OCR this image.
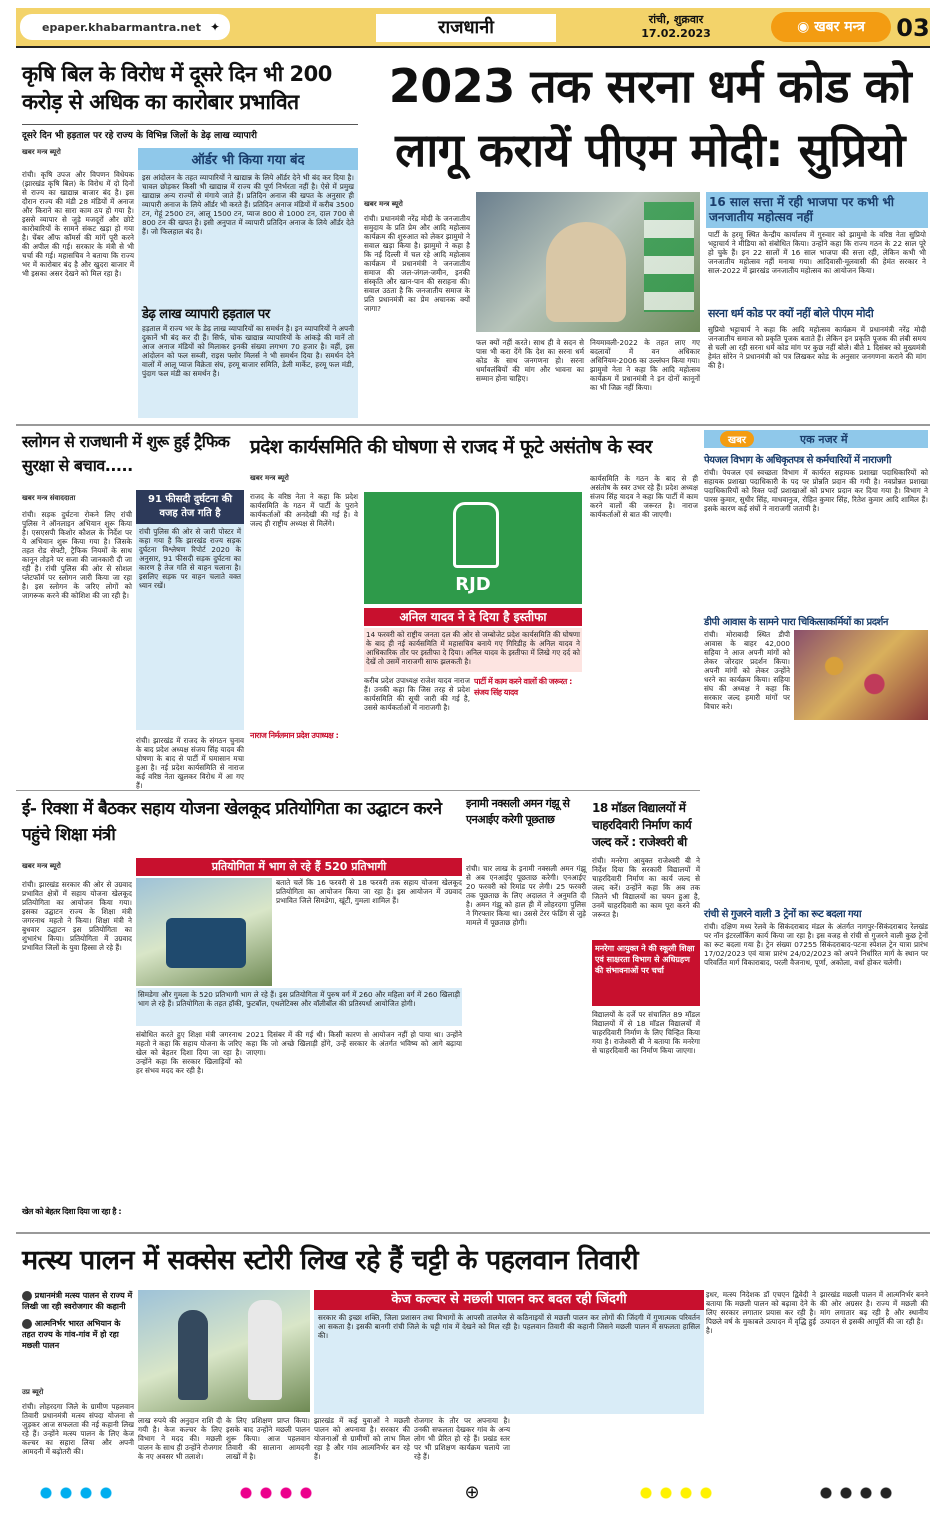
epaper.khabarmantra.net ✦	राजधानी	रांची, शुक्रवार
17.02.2023	◉ खबर मन्त्र	03
कृषि बिल के विरोध में दूसरे दिन भी 200 करोड़ से अधिक का कारोबार प्रभावित
दूसरे दिन भी हड़ताल पर रहे राज्य के विभिन्न जिलों के डेढ़ लाख व्यापारी
खबर मन्त्र ब्यूरो
रांची। कृषि उपज और विपणन विधेयक (झारखंड कृषि बिल) के विरोध में दो दिनों से राज्य का खाद्यान्न बाजार बंद है। इस दौरान राज्य की मंडी 28 मंडियों में अनाज और किराने का सारा काम ठप हो गया है। इससे व्यापार से जुड़े मजदूरों और छोटे कारोबारियों के सामने संकट खड़ा हो गया है। चेंबर ऑफ कॉमर्स की मांगें पूरी करने की अपील की गई। सरकार के मंत्री से भी चर्चा की गई। महासचिव ने बताया कि राज्य भर में कारोबार बंद है और खुदरा बाजार में भी इसका असर देखने को मिल रहा है।
ऑर्डर भी किया गया बंद
इस आंदोलन के तहत व्यापारियों ने खाद्यान्न के लिये ऑर्डर देने भी बंद कर दिया है। चावल छोड़कर किसी भी खाद्यान्न में राज्य की पूर्ण निर्भरता नहीं है। ऐसे में प्रमुख खाद्यान्न अन्य राज्यों से मंगाये जाते हैं। प्रतिदिन अनाज की खपत के अनुसार ही व्यापारी अनाज के लिये ऑर्डर भी करते हैं। प्रतिदिन अनाज मंडियों में करीब 3500 टन, गेहूं 2500 टन, आलू 1500 टन, प्याज 800 से 1000 टन, दाल 700 से 800 टन की खपत है। इसी अनुपात में व्यापारी प्रतिदिन अनाज के लिये ऑर्डर देते हैं। जो फिलहाल बंद है।
डेढ़ लाख व्यापारी हड़ताल पर
हड़ताल में राज्य भर के डेढ़ लाख व्यापारियों का समर्थन है। इन व्यापारियों ने अपनी दुकानें भी बंद कर दी हैं। सिर्फ, चोक खाद्यान्न व्यापारियों के आंकड़े की मानें तो आज अनाज मंडियों को मिलाकर इनकी संख्या लगभग 70 हजार है। वहीं, इस आंदोलन को फल सब्जी, राइस फ्लोर मिलर्स ने भी समर्थन दिया है। समर्थन देने वालों में आलू प्याज विक्रेता संघ, हरमू बाजार समिति, डेली मार्केट, हरमू फल मंडी, पुंदाग फल मंडी का समर्थन है।
2023 तक सरना धर्म कोड को लागू करायें पीएम मोदी: सुप्रियो
खबर मन्त्र ब्यूरो
रांची। प्रधानमंत्री नरेंद्र मोदी के जनजातीय समुदाय के प्रति प्रेम और आदि महोत्सव कार्यक्रम की शुरुआत को लेकर झामुमो ने सवाल खड़ा किया है। झामुमो ने कहा है कि नई दिल्ली में चल रहे आदि महोत्सव कार्यक्रम में प्रधानमंत्री ने जनजातीय समाज की जल-जंगल-जमीन, इनकी संस्कृति और खान-पान की सराहना की। सवाल उठता है कि जनजातीय समाज के प्रति प्रधानमंत्री का प्रेम अचानक क्यों जागा?
फल क्यों नहीं करते। साथ ही वे सदन से पास भी करा देंगे कि देश का सरना धर्म कोड के साथ जनगणना हो। सरना धर्मावलंबियों की मांग और भावना का सम्मान होना चाहिए।
नियमावली-2022 के तहत लाए गए बदलावों में वन अधिकार अधिनियम-2006 का उल्लंघन किया गया। झामुमो नेता ने कहा कि आदि महोत्सव कार्यक्रम में प्रधानमंत्री ने इन दोनों कानूनों का भी जिक्र नहीं किया।
16 साल सत्ता में रही भाजपा पर कभी भी जनजातीय महोत्सव नहीं
पार्टी के हरमू स्थित केन्द्रीय कार्यालय में गुरुवार को झामुमो के वरिष्ठ नेता सुप्रियो भट्टाचार्य ने मीडिया को संबोधित किया। उन्होंने कहा कि राज्य गठन के 22 साल पूरे हो चुके हैं। इन 22 सालों में 16 साल भाजपा की सत्ता रही, लेकिन कभी भी जनजातीय महोत्सव नहीं मनाया गया। आदिवासी-मूलवासी की हेमंत सरकार ने साल-2022 में झारखंड जनजातीय महोत्सव का आयोजन किया।
सरना धर्म कोड पर क्यों नहीं बोले पीएम मोदी
सुप्रियो भट्टाचार्य ने कहा कि आदि महोत्सव कार्यक्रम में प्रधानमंत्री नरेंद्र मोदी जनजातीय समाज को प्रकृति पूजक बताते हैं। लेकिन इन प्रकृति पूजक की लंबी समय से चली आ रही सरना धर्म कोड मांग पर कुछ नहीं बोले। बीते 1 दिसंबर को मुख्यमंत्री हेमंत सोरेन ने प्रधानमंत्री को पत्र लिखकर कोड के अनुसार जनगणना कराने की मांग की है।
स्लोगन से राजधानी में शुरू हुई ट्रैफिक सुरक्षा से बचाव.....
खबर मन्त्र संवाददाता
रांची। सड़क दुर्घटना रोकने लिए रांची पुलिस ने ऑनलाइन अभियान शुरू किया है। एसएसपी किशोर कौशल के निर्देश पर ये अभियान शुरू किया गया है। जिसके तहत रोड सेफ्टी, ट्रैफिक नियमों के साथ कानून तोड़ने पर सजा की जानकारी दी जा रही है। रांची पुलिस की ओर से सोशल प्लेटफॉर्म पर स्लोगन जारी किया जा रहा है। इस स्लोगन के जरिए लोगों को जागरूक करने की कोशिश की जा रही है।
91 फीसदी दुर्घटना की वजह तेज गति है
रांची पुलिस की ओर से जारी पोस्टर में कहा गया है कि झारखंड राज्य सड़क दुर्घटना विश्लेषण रिपोर्ट 2020 के अनुसार, 91 फीसदी सड़क दुर्घटना का कारण है तेज गति से वाहन चलाना है। इसलिए सड़क पर वाहन चलाते वक्त ध्यान रखें।
रांची। झारखंड में राजद के संगठन चुनाव के बाद प्रदेश अध्यक्ष संजय सिंह यादव की घोषणा के बाद से पार्टी में घमासान मचा हुआ है। नई प्रदेश कार्यसमिति से नाराज कई वरिष्ठ नेता खुलकर विरोध में आ गए हैं।
प्रदेश कार्यसमिति की घोषणा से राजद में फूटे असंतोष के स्वर
खबर मन्त्र ब्यूरो
राजद के वरिष्ठ नेता ने कहा कि प्रदेश कार्यसमिति के गठन में पार्टी के पुराने कार्यकर्ताओं की अनदेखी की गई है। वे जल्द ही राष्ट्रीय अध्यक्ष से मिलेंगे।
नाराज निर्मलमान प्रदेश उपाध्यक्ष :
RJD
अनिल यादव ने दे दिया है इस्तीफा
14 फरवरी को राष्ट्रीय जनता दल की ओर से जम्बोजेट प्रदेश कार्यसमिति की घोषणा के बाद ही नई कार्यसमिति में महासचिव बनाये गए गिरिडीह के अनिल यादव ने आधिकारिक तौर पर इस्तीफा दे दिया। अनिल यादव के इस्तीफा में लिखे गए दर्द को देखें तो उसमें नाराजगी साफ झलकती है।
करीब प्रदेश उपाध्यक्ष राजेश यादव नाराज हैं। उनकी कहा कि जिस तरह से प्रदेश कार्यसमिति की सूची जारी की गई है, उससे कार्यकर्ताओं में नाराजगी है।
पार्टी में काम करने वालों की जरूरत : संजय सिंह यादव
कार्यसमिति के गठन के बाद से ही असंतोष के स्वर उभर रहे हैं। प्रदेश अध्यक्ष संजय सिंह यादव ने कहा कि पार्टी में काम करने वालों की जरूरत है। नाराज कार्यकर्ताओं से बात की जाएगी।
खबर	एक नजर में
पेयजल विभाग के अधिकृतपत्र से कर्मचारियों में नाराजगी
रांची। पेयजल एवं स्वच्छता विभाग में कार्यरत सहायक प्रशाखा पदाधिकारियों को सहायक प्रशाखा पदाधिकारी के पद पर प्रोन्नति प्रदान की गयी है। नवप्रोन्नत प्रशाखा पदाधिकारियों को रिक्त पदों प्रशाखाओं को प्रभार प्रदान कर दिया गया है। विभाग ने पारस कुमार, सुधीर सिंह, माधवानुज, रोहित कुमार सिंह, रितेश कुमार आदि शामिल हैं। इसके कारण कई संघों ने नाराजगी जतायी है।
डीपी आवास के सामने पारा चिकित्साकर्मियों का प्रदर्शन
रांची। मोराबादी स्थित डीपी आवास के बाहर 42,000 सहिया ने आज अपनी मांगों को लेकर जोरदार प्रदर्शन किया। अपनी मांगों को लेकर उन्होंने धरने का कार्यक्रम किया। सहिया संघ की अध्यक्ष ने कहा कि सरकार जल्द हमारी मांगों पर विचार करे।
रांची से गुजरने वाली 3 ट्रेनों का रूट बदला गया
रांची। दक्षिण मध्य रेलवे के सिकंदराबाद मंडल के अंतर्गत नागपुर-सिकंदराबाद रेलखंड पर नॉन इंटरलॉकिंग कार्य किया जा रहा है। इस वजह से रांची से गुजरने वाली कुछ ट्रेनों का रूट बदला गया है। ट्रेन संख्या 07255 सिकंदराबाद-पटना स्पेशल ट्रेन यात्रा प्रारंभ 17/02/2023 एवं यात्रा प्रारंभ 24/02/2023 को अपने निर्धारित मार्ग के स्थान पर परिवर्तित मार्ग विकाराबाद, परली वैजनाथ, पूर्णा, अकोला, वर्धा होकर चलेगी।
ई- रिक्शा में बैठकर सहाय योजना खेलकूद प्रतियोगिता का उद्घाटन करने पहुंचे शिक्षा मंत्री
खबर मन्त्र ब्यूरो
रांची। झारखंड सरकार की ओर से उग्रवाद प्रभावित क्षेत्रों में सहाय योजना खेलकूद प्रतियोगिता का आयोजन किया गया। इसका उद्घाटन राज्य के शिक्षा मंत्री जगरनाथ महतो ने किया। शिक्षा मंत्री ने बुधवार उद्घाटन इस प्रतियोगिता का शुभारंभ किया। प्रतियोगिता में उग्रवाद प्रभावित जिलों के युवा हिस्सा ले रहे हैं।
खेल को बेहतर दिशा दिया जा रहा है :
प्रतियोगिता में भाग ले रहे हैं 520 प्रतिभागी
बताते चलें कि 16 फरवरी से 18 फरवरी तक सहाय योजना खेलकूद प्रतियोगिता का आयोजन किया जा रहा है। इस आयोजन में उग्रवाद प्रभावित जिले सिमडेगा, खूंटी, गुमला शामिल हैं।
सिमडेगा और गुमला के 520 प्रतिभागी भाग ले रहे हैं। इस प्रतियोगिता में पुरुष वर्ग में 260 और महिला वर्ग में 260 खिलाड़ी भाग ले रहे हैं। प्रतियोगिता के तहत हॉकी, फुटबॉल, एथलेटिक्स और वॉलीबॉल की प्रतिस्पर्धा आयोजित होगी।
संबोधित करते हुए शिक्षा मंत्री जगरनाथ महतो ने कहा कि सहाय योजना के जरिए खेल को बेहतर दिशा दिया जा रहा है। उन्होंने कहा कि सरकार खिलाड़ियों को हर संभव मदद कर रही है।
2021 दिसंबर में की गई थी। किसी कारण से आयोजन नहीं हो पाया था। उन्होंने कहा कि जो अच्छे खिलाड़ी होंगे, उन्हें सरकार के अंतर्गत भविष्य को आगे बढ़ाया जाएगा।
इनामी नक्सली अमन गंझू से एनआईए करेगी पूछताछ
रांची। चार लाख के इनामी नक्सली अमन गंझू से अब एनआईए पूछताछ करेगी। एनआईए 20 फरवरी को रिमांड पर लेगी। 25 फरवरी तक पूछताछ के लिए अदालत ने अनुमति दी है। अमन गंझू को हाल ही में लोहरदगा पुलिस ने गिरफ्तार किया था। उससे टेरर फंडिंग से जुड़े मामले में पूछताछ होगी।
18 मॉडल विद्यालयों में चाहरदिवारी निर्माण कार्य जल्द करें : राजेश्वरी बी
रांची। मनरेगा आयुक्त राजेश्वरी बी ने निर्देश दिया कि सरकारी विद्यालयों में चाहरदिवारी निर्माण का कार्य जल्द से जल्द करें। उन्होंने कहा कि अब तक जितने भी विद्यालयों का चयन हुआ है, उनमें चाहरदिवारी का काम पूरा करने की जरूरत है।
मनरेगा आयुक्त ने की स्कूली शिक्षा एवं साक्षरता विभाग से अधिग्रहण की संभावनाओं पर चर्चा
विद्यालयों के दर्जे पर संचालित 89 मॉडल विद्यालयों में से 18 मॉडल विद्यालयों में चाहरदिवारी निर्माण के लिए चिन्हित किया गया है। राजेश्वरी बी ने बताया कि मनरेगा से चाहरदिवारी का निर्माण किया जाएगा।
मत्स्य पालन में सक्सेस स्टोरी लिख रहे हैं चट्टी के पहलवान तिवारी
प्रधानमंत्री मत्स्य पालन से राज्य में लिखी जा रही स्वरोजगार की कहानी
आत्मनिर्भर भारत अभियान के तहत राज्य के गांव-गांव में हो रहा मछली पालन
उप्र ब्यूरो
रांची। लोहरदगा जिले के ग्रामीण पहलवान तिवारी प्रधानमंत्री मत्स्य संपदा योजना से जुड़कर आज सफलता की नई कहानी लिख रहे हैं। उन्होंने मत्स्य पालन के लिए केज कल्चर का सहारा लिया और अपनी आमदनी में बढ़ोतरी की।
केज कल्चर से मछली पालन कर बदल रही जिंदगी
सरकार की इच्छा शक्ति, जिला प्रशासन तथा विभागों के आपसी तालमेल से कठिनाइयों से मछली पालन कर लोगों की जिंदगी में गुणात्मक परिवर्तन आ सकता है। इसकी बानगी रांची जिले के चट्टी गांव में देखने को मिल रही है। पहलवान तिवारी की कहानी जिसने मछली पालन में सफलता हासिल की।
लाख रुपये की अनुदान राशि दी गयी है। केज कल्चर के लिए विभाग ने मदद की। मछली पालन के साथ ही उन्होंने रोजगार के नए अवसर भी तलाशे।
के लिए प्रशिक्षण प्राप्त किया। इसके बाद उन्होंने मछली पालन शुरू किया। आज पहलवान तिवारी की सालाना आमदनी लाखों में है।
झारखंड में कई युवाओं ने मछली पालन को अपनाया है। सरकार की योजनाओं से ग्रामीणों को लाभ मिल रहा है और गांव आत्मनिर्भर बन रहे हैं।
रोजगार के तौर पर अपनाया है। उनकी सफलता देखकर गांव के अन्य लोग भी प्रेरित हो रहे हैं। प्रखंड स्तर पर भी प्रशिक्षण कार्यक्रम चलाये जा रहे हैं।
इधर, मत्स्य निदेशक डॉ एचएन द्विवेदी ने बताया कि मछली पालन को बढ़ावा देने के लिए सरकार लगातार प्रयास कर रही है। पिछले वर्ष के मुकाबले उत्पादन में वृद्धि हुई है।
झारखंड मछली पालन में आत्मनिर्भर बनने की ओर अग्रसर है। राज्य में मछली की मांग लगातार बढ़ रही है और स्थानीय उत्पादन से इसकी आपूर्ति की जा रही है।
⊕
